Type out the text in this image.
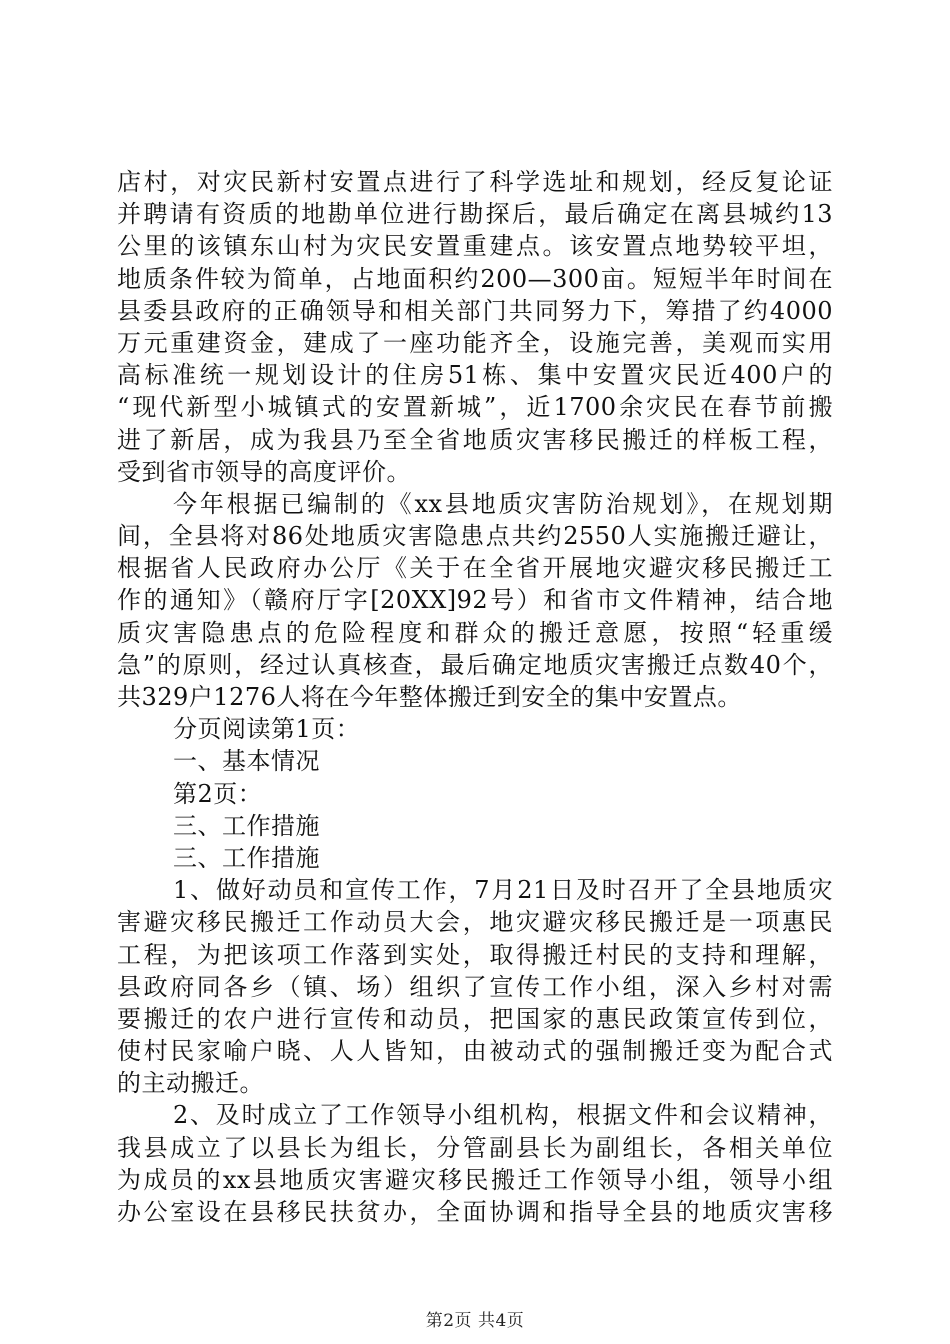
店村，对灾民新村安置点进行了科学选址和规划，经反复论证
并聘请有资质的地勘单位进行勘探后，最后确定在离县城约13
公里的该镇东山村为灾民安置重建点。该安置点地势较平坦，
地质条件较为简单，占地面积约200—300亩。短短半年时间在
县委县政府的正确领导和相关部门共同努力下，筹措了约4000
万元重建资金，建成了一座功能齐全，设施完善，美观而实用
高标准统一规划设计的住房51栋、集中安置灾民近400户的
“现代新型小城镇式的安置新城”，近1700余灾民在春节前搬
进了新居，成为我县乃至全省地质灾害移民搬迁的样板工程，
受到省市领导的高度评价。
今年根据已编制的《xx县地质灾害防治规划》，在规划期
间，全县将对86处地质灾害隐患点共约2550人实施搬迁避让，
根据省人民政府办公厅《关于在全省开展地灾避灾移民搬迁工
作的通知》（赣府厅字[20XX]92号）和省市文件精神，结合地
质灾害隐患点的危险程度和群众的搬迁意愿，按照“轻重缓
急”的原则，经过认真核查，最后确定地质灾害搬迁点数40个，
共329户1276人将在今年整体搬迁到安全的集中安置点。
分页阅读第1页：
一、基本情况
第2页：
三、工作措施
三、工作措施
1、做好动员和宣传工作，7月21日及时召开了全县地质灾
害避灾移民搬迁工作动员大会，地灾避灾移民搬迁是一项惠民
工程，为把该项工作落到实处，取得搬迁村民的支持和理解，
县政府同各乡（镇、场）组织了宣传工作小组，深入乡村对需
要搬迁的农户进行宣传和动员，把国家的惠民政策宣传到位，
使村民家喻户晓、人人皆知，由被动式的强制搬迁变为配合式
的主动搬迁。
2、及时成立了工作领导小组机构，根据文件和会议精神，
我县成立了以县长为组长，分管副县长为副组长，各相关单位
为成员的xx县地质灾害避灾移民搬迁工作领导小组，领导小组
办公室设在县移民扶贫办，全面协调和指导全县的地质灾害移
第2页 共4页
